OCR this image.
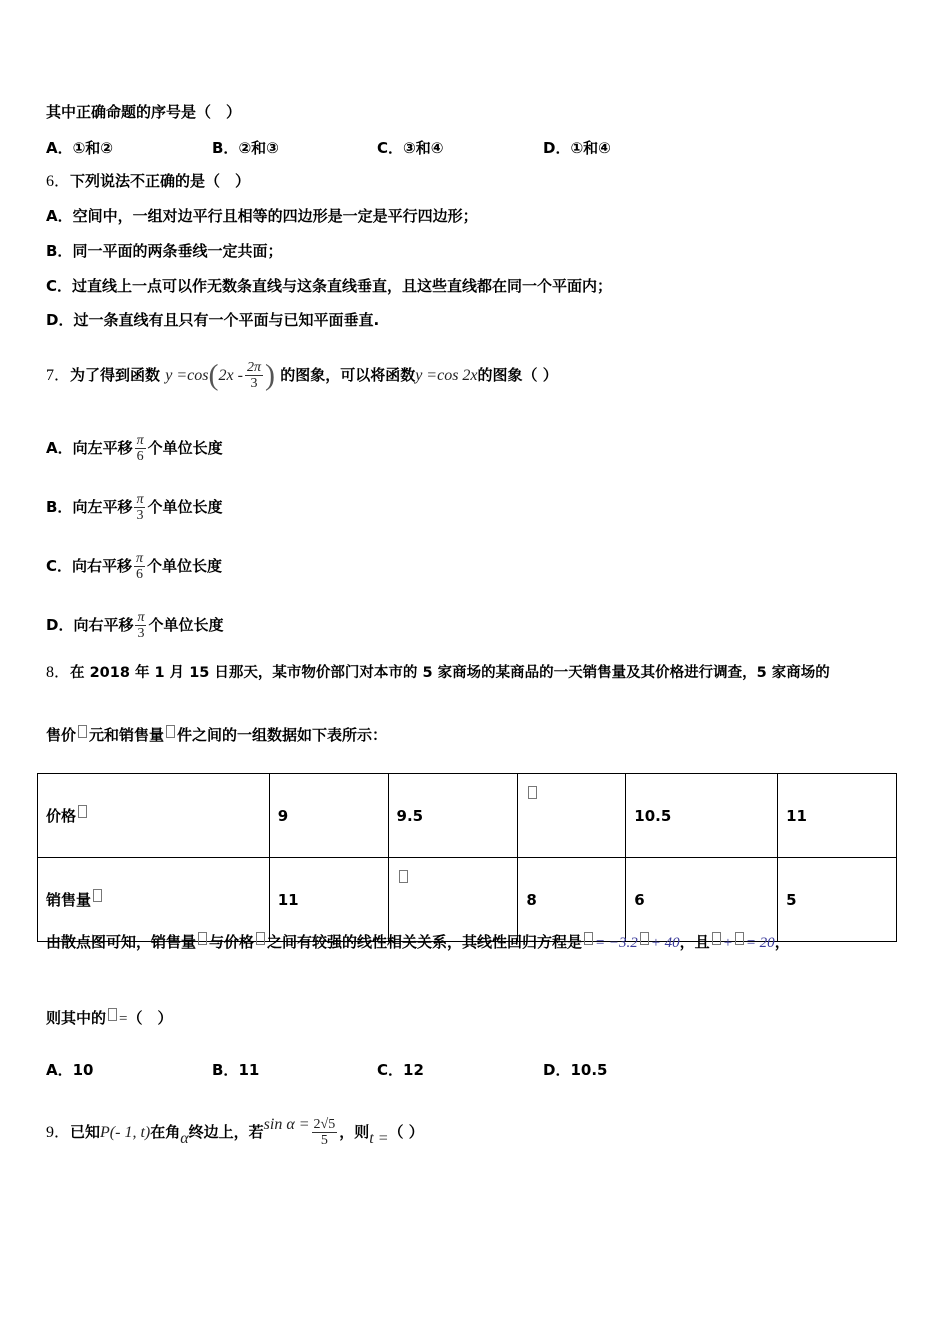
其中正确命题的序号是（　）
A．①和②	B．②和③	C．③和④	D．①和④
6．下列说法不正确的是（　）
A．空间中，一组对边平行且相等的四边形是一定是平行四边形；
B．同一平面的两条垂线一定共面；
C．过直线上一点可以作无数条直线与这条直线垂直，且这些直线都在同一个平面内；
D．过一条直线有且只有一个平面与已知平面垂直.
7．为了得到函数 $y =\cos(2x - \frac{2\pi}{3}$ ) 的图象，可以将函数y =cos 2x的图象（ ）
A．向左平移 $\frac{\pi}{6}$ 个单位长度
B．向左平移 $\frac{\pi}{3}$ 个单位长度
C．向右平移 $\frac{\pi}{6}$ 个单位长度
D．向右平移 $\frac{\pi}{3}$ 个单位长度
8．在 2018 年 1 月 15 日那天，某市物价部门对本市的 5 家商场的某商品的一天销售量及其价格进行调查，5 家商场的
售价 元和销售量 件之间的一组数据如下表所示：
价格	9	9.5		10.5	11
销售量	11		8	6	5
由散点图可知，销售量 与价格 之间有较强的线性相关关系，其线性回归方程是 = −3.2 + 40，且 + = 20，
则其中的 =（　）
A．10	B．11	C．12	D．10.5
9．已知P(- 1, t)在角α终边上，若$\sin \alpha = \frac{2√5}{5}$ ，则t =（ ）
